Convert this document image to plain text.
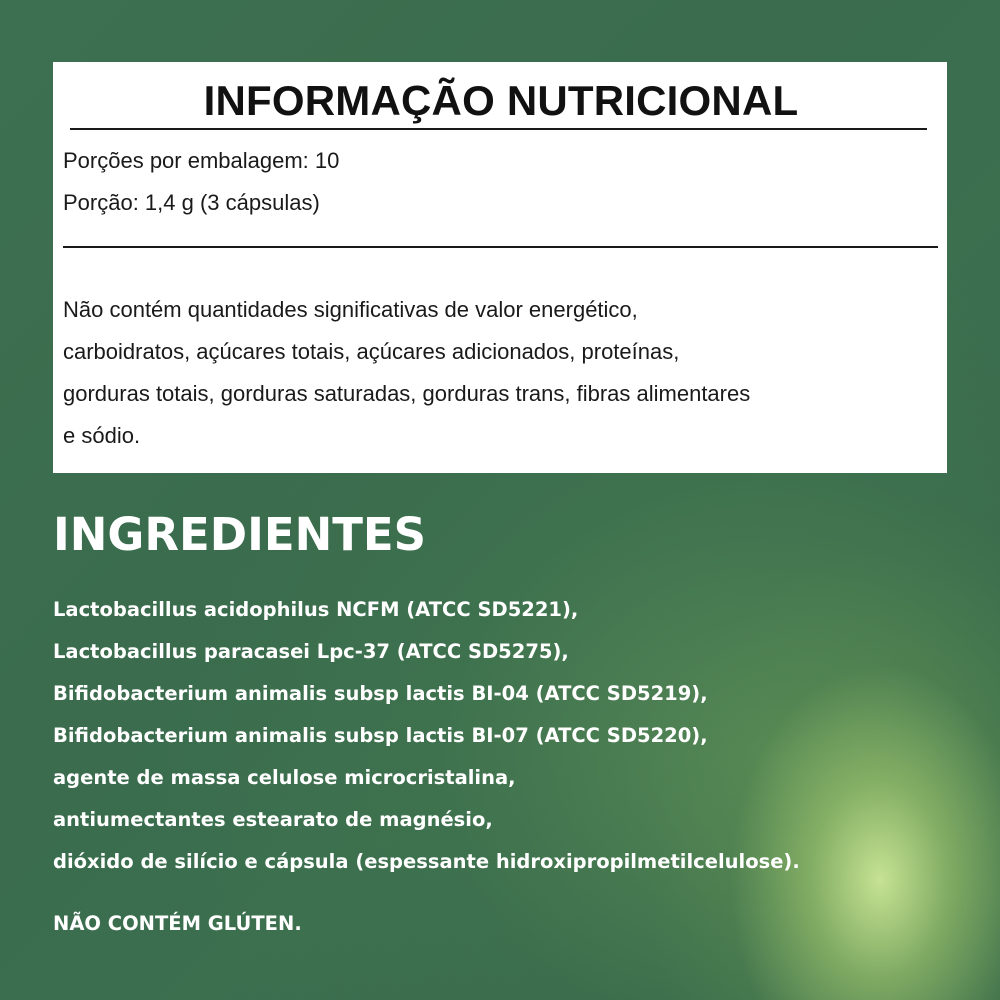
INFORMAÇÃO NUTRICIONAL
Porções por embalagem: 10
Porção: 1,4 g (3 cápsulas)

Não contém quantidades significativas de valor energético,
carboidratos, açúcares totais, açúcares adicionados, proteínas,
gorduras totais, gorduras saturadas, gorduras trans, fibras alimentares
e sódio.

INGREDIENTES
Lactobacillus acidophilus NCFM (ATCC SD5221),
Lactobacillus paracasei Lpc-37 (ATCC SD5275),
Bifidobacterium animalis subsp lactis BI-04 (ATCC SD5219),
Bifidobacterium animalis subsp lactis BI-07 (ATCC SD5220),
agente de massa celulose microcristalina,
antiumectantes estearato de magnésio,
dióxido de silício e cápsula (espessante hidroxipropilmetilcelulose).
NÃO CONTÉM GLÚTEN.
